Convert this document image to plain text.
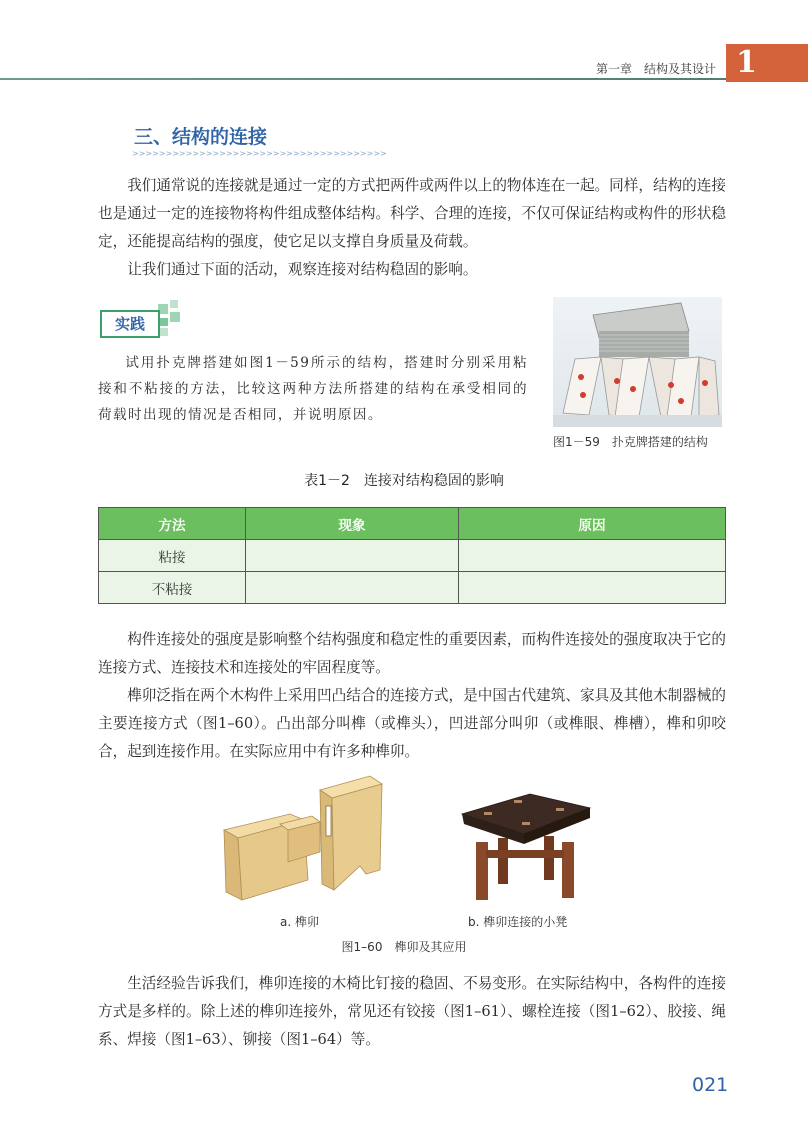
第一章　结构及其设计 1
三、结构的连接
>>>>>>>>>>>>>>>>>>>>>>>>>>>>>>>>>>>>>>

我们通常说的连接就是通过一定的方式把两件或两件以上的物体连在一起。同样，结构的连接也是通过一定的连接物将构件组成整体结构。科学、合理的连接，不仅可保证结构或构件的形状稳定，还能提高结构的强度，使它足以支撑自身质量及荷载。

让我们通过下面的活动，观察连接对结构稳固的影响。

实践

试用扑克牌搭建如图1－59所示的结构，搭建时分别采用粘接和不粘接的方法，比较这两种方法所搭建的结构在承受相同的荷载时出现的情况是否相同，并说明原因。

图1－59　扑克牌搭建的结构
表1－2　连接对结构稳固的影响
方法	现象	原因
粘接		
不粘接		

构件连接处的强度是影响整个结构强度和稳定性的重要因素，而构件连接处的强度取决于它的连接方式、连接技术和连接处的牢固程度等。

榫卯泛指在两个木构件上采用凹凸结合的连接方式，是中国古代建筑、家具及其他木制器械的主要连接方式（图1–60）。凸出部分叫榫（或榫头），凹进部分叫卯（或榫眼、榫槽），榫和卯咬合，起到连接作用。在实际应用中有许多种榫卯。

a. 榫卯	b. 榫卯连接的小凳
图1–60　榫卯及其应用

生活经验告诉我们，榫卯连接的木椅比钉接的稳固、不易变形。在实际结构中，各构件的连接方式是多样的。除上述的榫卯连接外，常见还有铰接（图1–61）、螺栓连接（图1–62）、胶接、绳系、焊接（图1–63）、铆接（图1–64）等。

021
